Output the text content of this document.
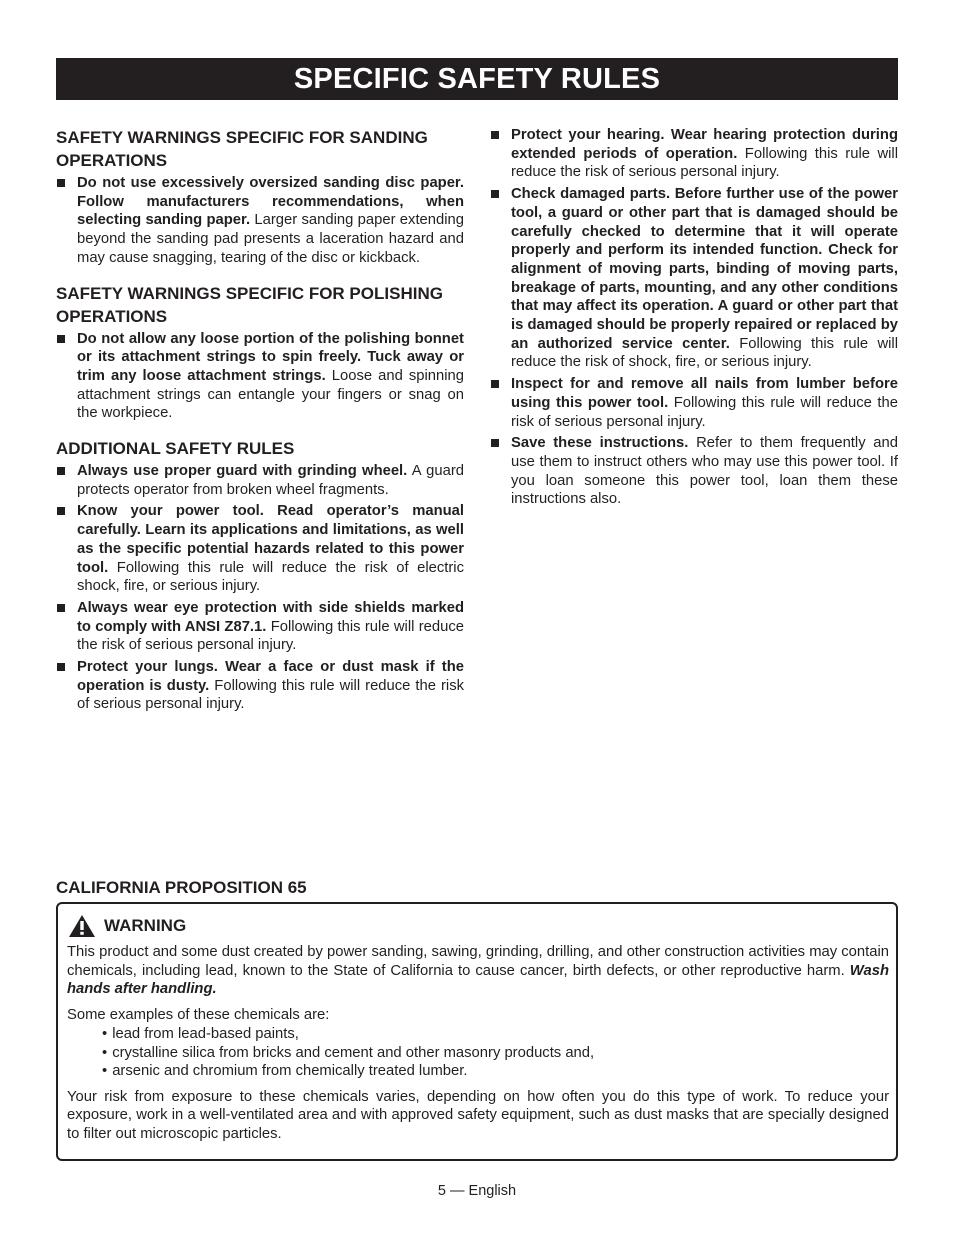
SPECIFIC SAFETY RULES
SAFETY WARNINGS SPECIFIC FOR SANDING OPERATIONS
Do not use excessively oversized sanding disc paper. Follow manufacturers recommendations, when selecting sanding paper. Larger sanding paper extending beyond the sanding pad presents a laceration hazard and may cause snagging, tearing of the disc or kickback.
SAFETY WARNINGS SPECIFIC FOR POLISHING OPERATIONS
Do not allow any loose portion of the polishing bonnet or its attachment strings to spin freely. Tuck away or trim any loose attachment strings. Loose and spinning attachment strings can entangle your fingers or snag on the workpiece.
ADDITIONAL SAFETY RULES
Always use proper guard with grinding wheel. A guard protects operator from broken wheel fragments.
Know your power tool. Read operator’s manual carefully. Learn its applications and limitations, as well as the specific potential hazards related to this power tool. Following this rule will reduce the risk of electric shock, fire, or serious injury.
Always wear eye protection with side shields marked to comply with ANSI Z87.1. Following this rule will reduce the risk of serious personal injury.
Protect your lungs. Wear a face or dust mask if the operation is dusty. Following this rule will reduce the risk of serious personal injury.
Protect your hearing. Wear hearing protection during extended periods of operation. Following this rule will reduce the risk of serious personal injury.
Check damaged parts. Before further use of the power tool, a guard or other part that is damaged should be carefully checked to determine that it will operate properly and perform its intended function. Check for alignment of moving parts, binding of moving parts, breakage of parts, mounting, and any other conditions that may affect its operation. A guard or other part that is damaged should be properly repaired or replaced by an authorized service center. Following this rule will reduce the risk of shock, fire, or serious injury.
Inspect for and remove all nails from lumber before using this power tool. Following this rule will reduce the risk of serious personal injury.
Save these instructions. Refer to them frequently and use them to instruct others who may use this power tool. If you loan someone this power tool, loan them these instructions also.
CALIFORNIA PROPOSITION 65
WARNING

This product and some dust created by power sanding, sawing, grinding, drilling, and other construction activities may contain chemicals, including lead, known to the State of California to cause cancer, birth defects, or other reproductive harm. Wash hands after handling.

Some examples of these chemicals are:
• lead from lead-based paints,
• crystalline silica from bricks and cement and other masonry products and,
• arsenic and chromium from chemically treated lumber.

Your risk from exposure to these chemicals varies, depending on how often you do this type of work. To reduce your exposure, work in a well-ventilated area and with approved safety equipment, such as dust masks that are specially designed to filter out microscopic particles.

5 — English
